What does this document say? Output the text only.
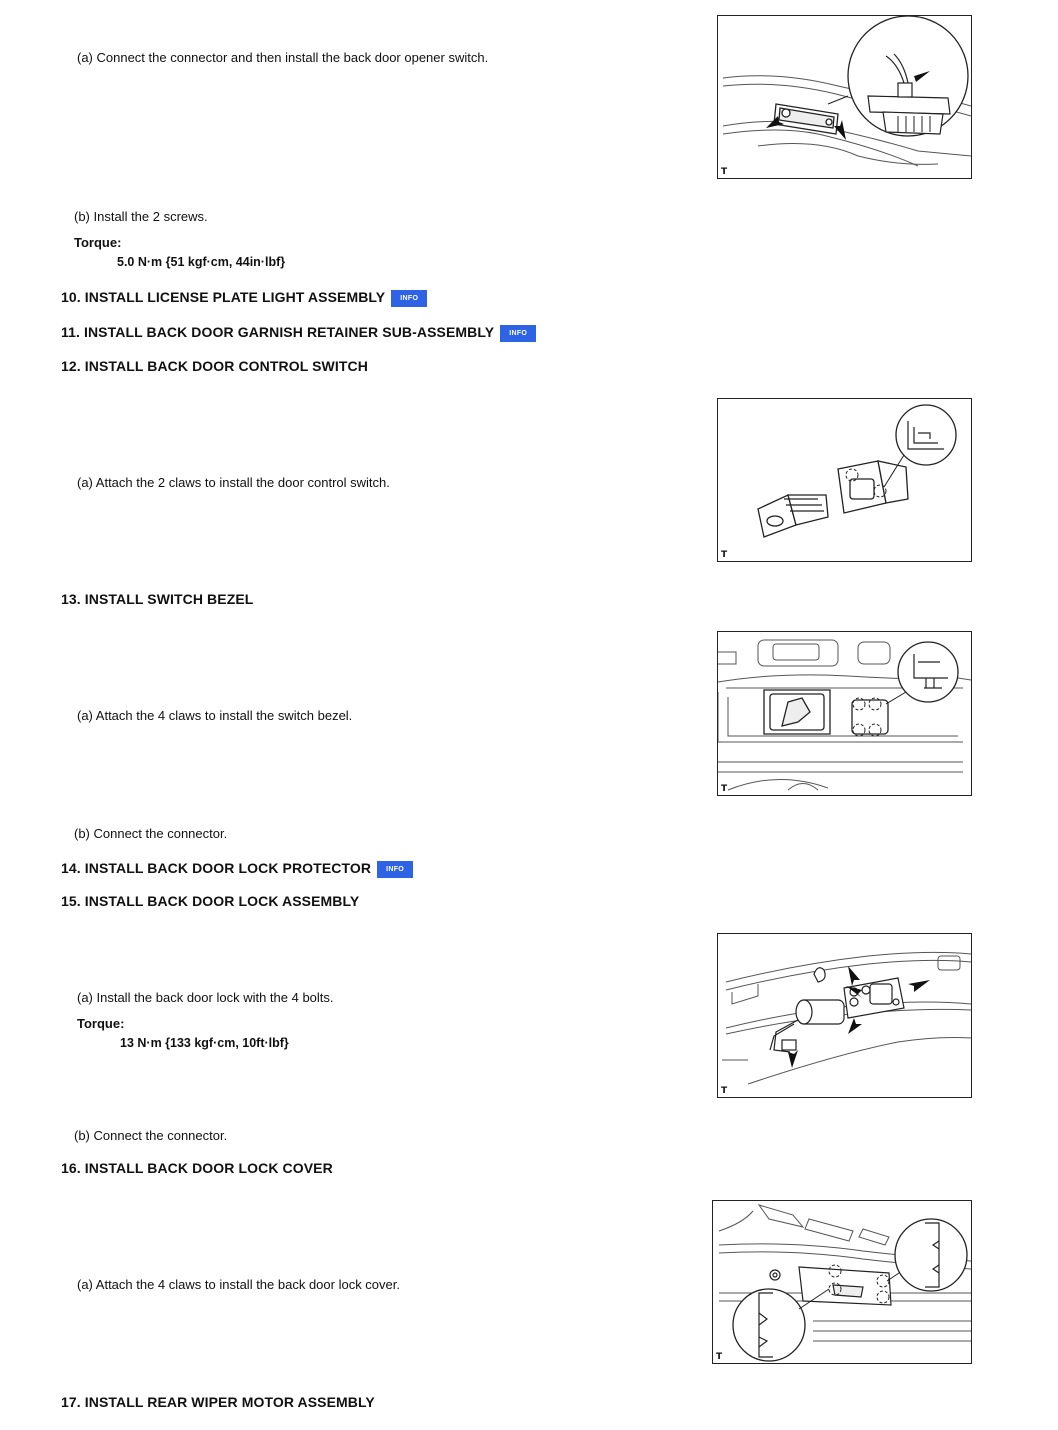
(a) Connect the connector and then install the back door opener switch.
T
(b) Install the 2 screws.
Torque:
5.0 N·m {51 kgf·cm, 44in·lbf}
10. INSTALL LICENSE PLATE LIGHT ASSEMBLY INFO
11. INSTALL BACK DOOR GARNISH RETAINER SUB-ASSEMBLY INFO
12. INSTALL BACK DOOR CONTROL SWITCH
T
(a) Attach the 2 claws to install the door control switch.
13. INSTALL SWITCH BEZEL
T
(a) Attach the 4 claws to install the switch bezel.
(b) Connect the connector.
14. INSTALL BACK DOOR LOCK PROTECTOR INFO
15. INSTALL BACK DOOR LOCK ASSEMBLY
T
(a) Install the back door lock with the 4 bolts.
Torque:
13 N·m {133 kgf·cm, 10ft·lbf}
(b) Connect the connector.
16. INSTALL BACK DOOR LOCK COVER
T
(a) Attach the 4 claws to install the back door lock cover.
17. INSTALL REAR WIPER MOTOR ASSEMBLY
